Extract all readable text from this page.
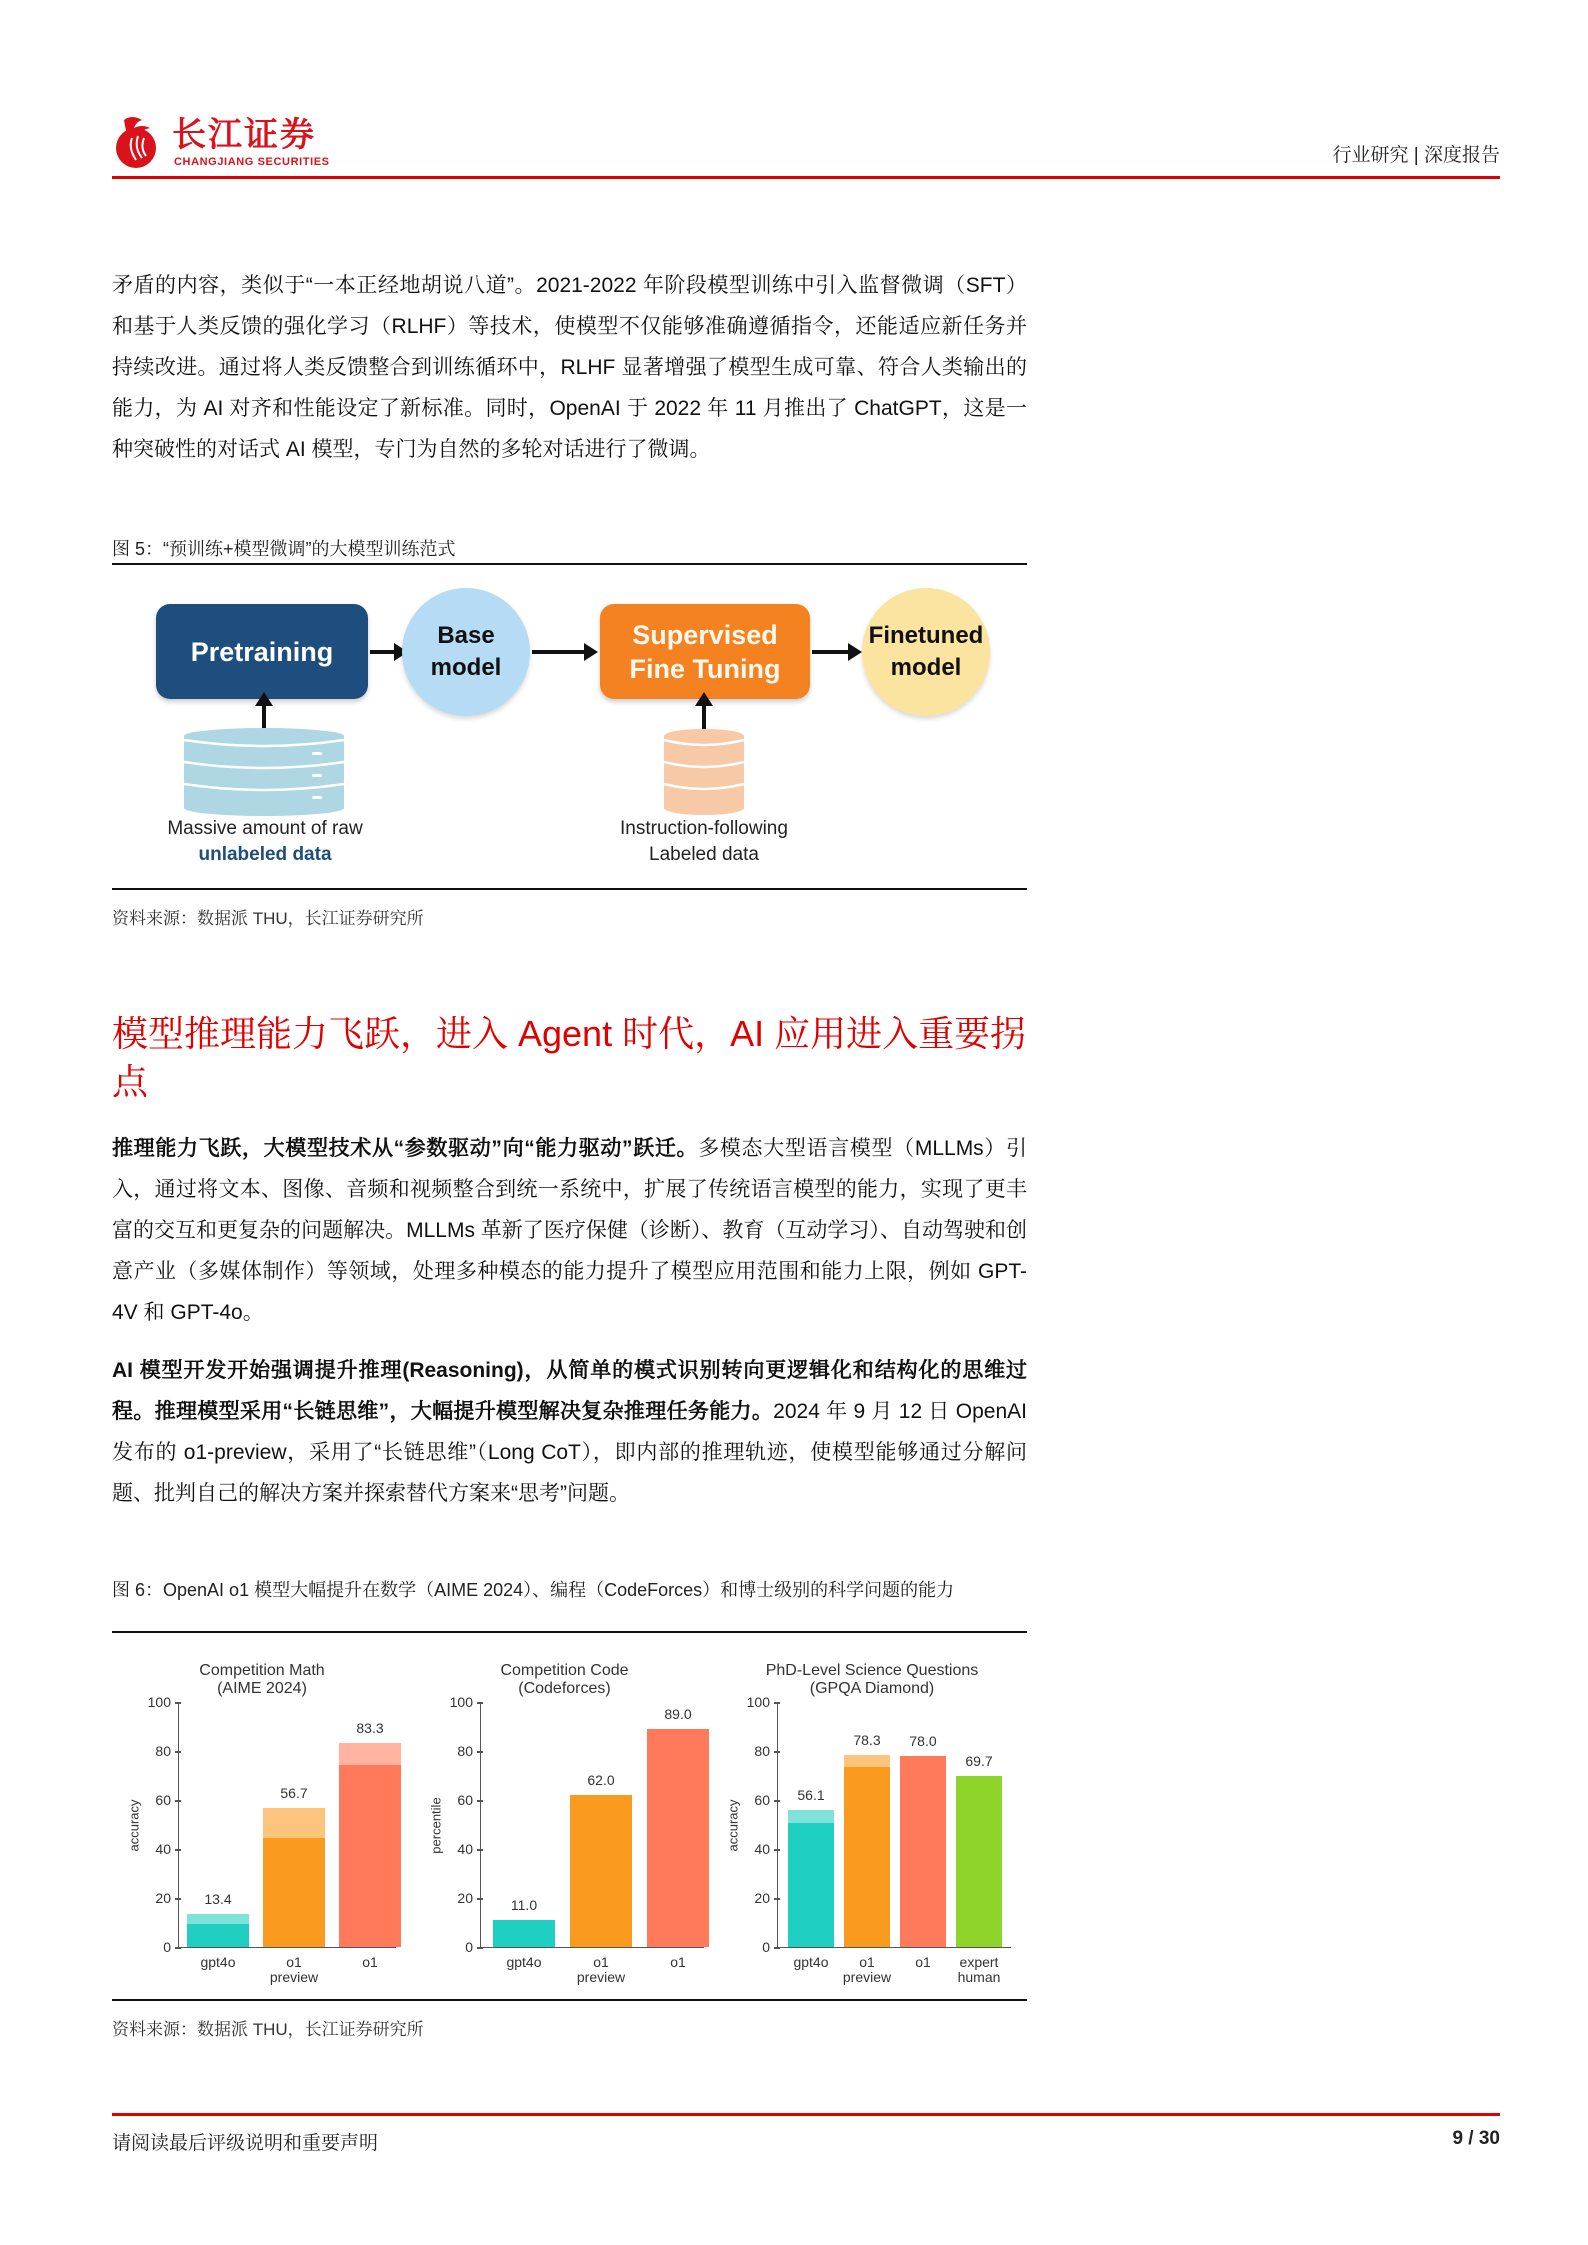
长江证券
CHANGJIANG SECURITIES	行业研究 | 深度报告
矛盾的内容，类似于“一本正经地胡说八道”。2021-2022 年阶段模型训练中引入监督微调（SFT）和基于人类反馈的强化学习（RLHF）等技术，使模型不仅能够准确遵循指令，还能适应新任务并持续改进。通过将人类反馈整合到训练循环中，RLHF 显著增强了模型生成可靠、符合人类输出的能力，为 AI 对齐和性能设定了新标准。同时，OpenAI 于 2022 年 11 月推出了 ChatGPT，这是一种突破性的对话式 AI 模型，专门为自然的多轮对话进行了微调。
图 5：“预训练+模型微调”的大模型训练范式
Pretraining
Base
model
Supervised
Fine Tuning
Finetuned
model
Massive amount of raw
unlabeled data
Instruction-following
Labeled data
资料来源：数据派 THU，长江证券研究所
模型推理能力飞跃，进入 Agent 时代，AI 应用进入重要拐点
推理能力飞跃，大模型技术从“参数驱动”向“能力驱动”跃迁。多模态大型语言模型（MLLMs）引入，通过将文本、图像、音频和视频整合到统一系统中，扩展了传统语言模型的能力，实现了更丰富的交互和更复杂的问题解决。MLLMs 革新了医疗保健（诊断）、教育（互动学习）、自动驾驶和创意产业（多媒体制作）等领域，处理多种模态的能力提升了模型应用范围和能力上限，例如 GPT-4V 和 GPT-4o。
AI 模型开发开始强调提升推理(Reasoning)，从简单的模式识别转向更逻辑化和结构化的思维过程。推理模型采用“长链思维”，大幅提升模型解决复杂推理任务能力。2024 年 9 月 12 日 OpenAI 发布的 o1-preview，采用了“长链思维”（Long CoT），即内部的推理轨迹，使模型能够通过分解问题、批判自己的解决方案并探索替代方案来“思考”问题。
图 6：OpenAI o1 模型大幅提升在数学（AIME 2024）、编程（CodeForces）和博士级别的科学问题的能力
Competition Math
(AIME 2024)
100
80
60
40
20
0
accuracy
13.4
gpt4o
56.7
o1
preview
83.3
o1
Competition Code
(Codeforces)
100
80
60
40
20
0
percentile
11.0
gpt4o
62.0
o1
preview
89.0
o1
PhD-Level Science Questions
(GPQA Diamond)
100
80
60
40
20
0
accuracy
56.1
gpt4o
78.3
o1
preview
78.0
o1
69.7
expert
human
资料来源：数据派 THU，长江证券研究所
请阅读最后评级说明和重要声明	9 / 30
